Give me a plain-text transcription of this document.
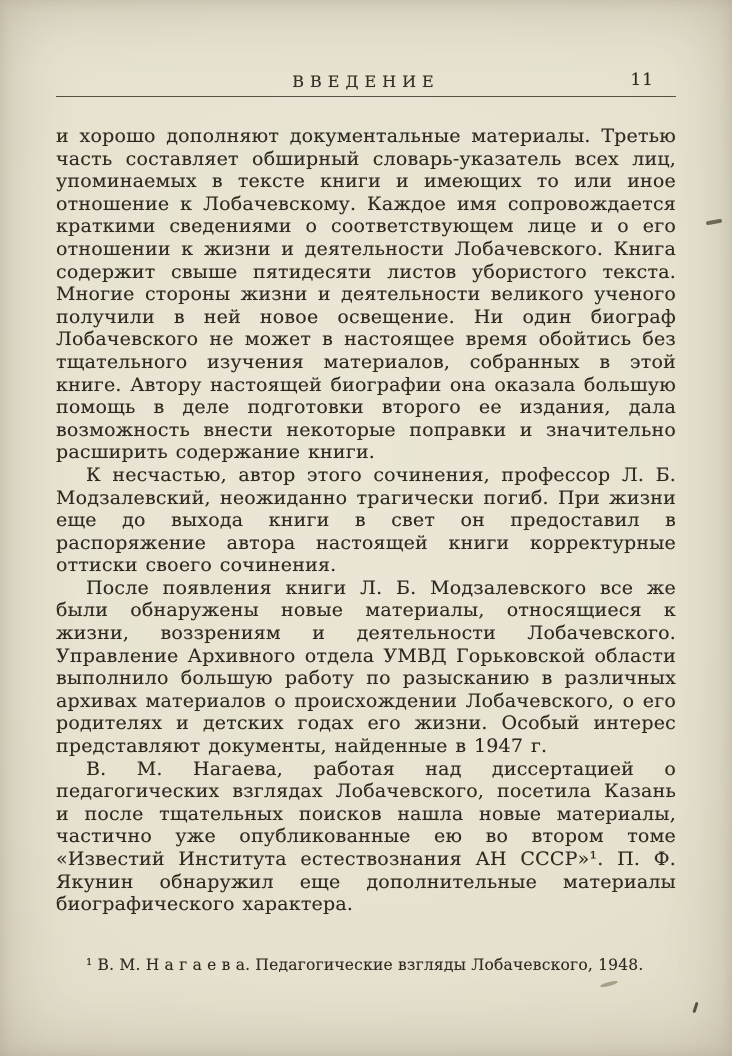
ВВЕДЕНИЕ	11

и хорошо дополняют документальные материалы. Третью часть составляет обширный словарь-указатель всех лиц, упоминаемых в тексте книги и имеющих то или иное отношение к Лобачевскому. Каждое имя сопровождается краткими сведениями о соответствующем лице и о его отношении к жизни и деятельности Лобачевского. Книга содержит свыше пятидесяти листов убористого текста. Многие стороны жизни и деятельности великого ученого получили в ней новое освещение. Ни один биограф Лобачевского не может в настоящее время обойтись без тщательного изучения материалов, собранных в этой книге. Автору настоящей биографии она оказала большую помощь в деле подготовки второго ее издания, дала возможность внести некоторые поправки и значительно расширить содержание книги.

К несчастью, автор этого сочинения, профессор Л. Б. Модзалевский, неожиданно трагически погиб. При жизни еще до выхода книги в свет он предоставил в распоряжение автора настоящей книги корректурные оттиски своего сочинения.

После появления книги Л. Б. Модзалевского все же были обнаружены новые материалы, относящиеся к жизни, воззрениям и деятельности Лобачевского. Управление Архивного отдела УМВД Горьковской области выполнило большую работу по разысканию в различных архивах материалов о происхождении Лобачевского, о его родителях и детских годах его жизни. Особый интерес представляют документы, найденные в 1947 г.

В. М. Нагаева, работая над диссертацией о педагогических взглядах Лобачевского, посетила Казань и после тщательных поисков нашла новые материалы, частично уже опубликованные ею во втором томе «Известий Института естествознания АН СССР»¹. П. Ф. Якунин обнаружил еще дополнительные материалы биографического характера.

¹ В. М. Н а г а е в а. Педагогические взгляды Лобачевского, 1948.
